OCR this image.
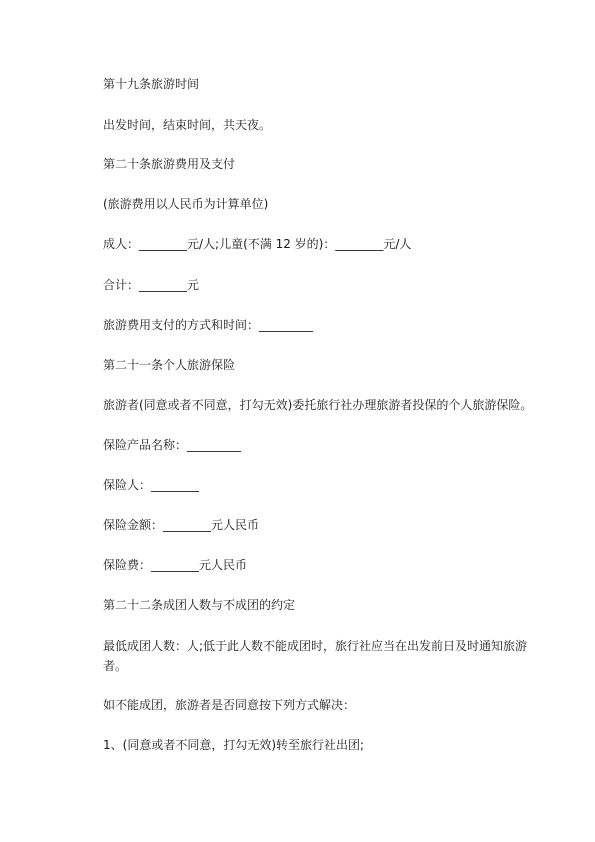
第十九条旅游时间
出发时间，结束时间，共天夜。
第二十条旅游费用及支付
(旅游费用以人民币为计算单位)
成人：________元/人;儿童(不满 12 岁的)：________元/人
合计：________元
旅游费用支付的方式和时间：_________
第二十一条个人旅游保险
旅游者(同意或者不同意，打勾无效)委托旅行社办理旅游者投保的个人旅游保险。
保险产品名称：_________
保险人：________
保险金额：________元人民币
保险费：________元人民币
第二十二条成团人数与不成团的约定
最低成团人数：人;低于此人数不能成团时，旅行社应当在出发前日及时通知旅游者。
如不能成团，旅游者是否同意按下列方式解决：
1、(同意或者不同意，打勾无效)转至旅行社出团;
